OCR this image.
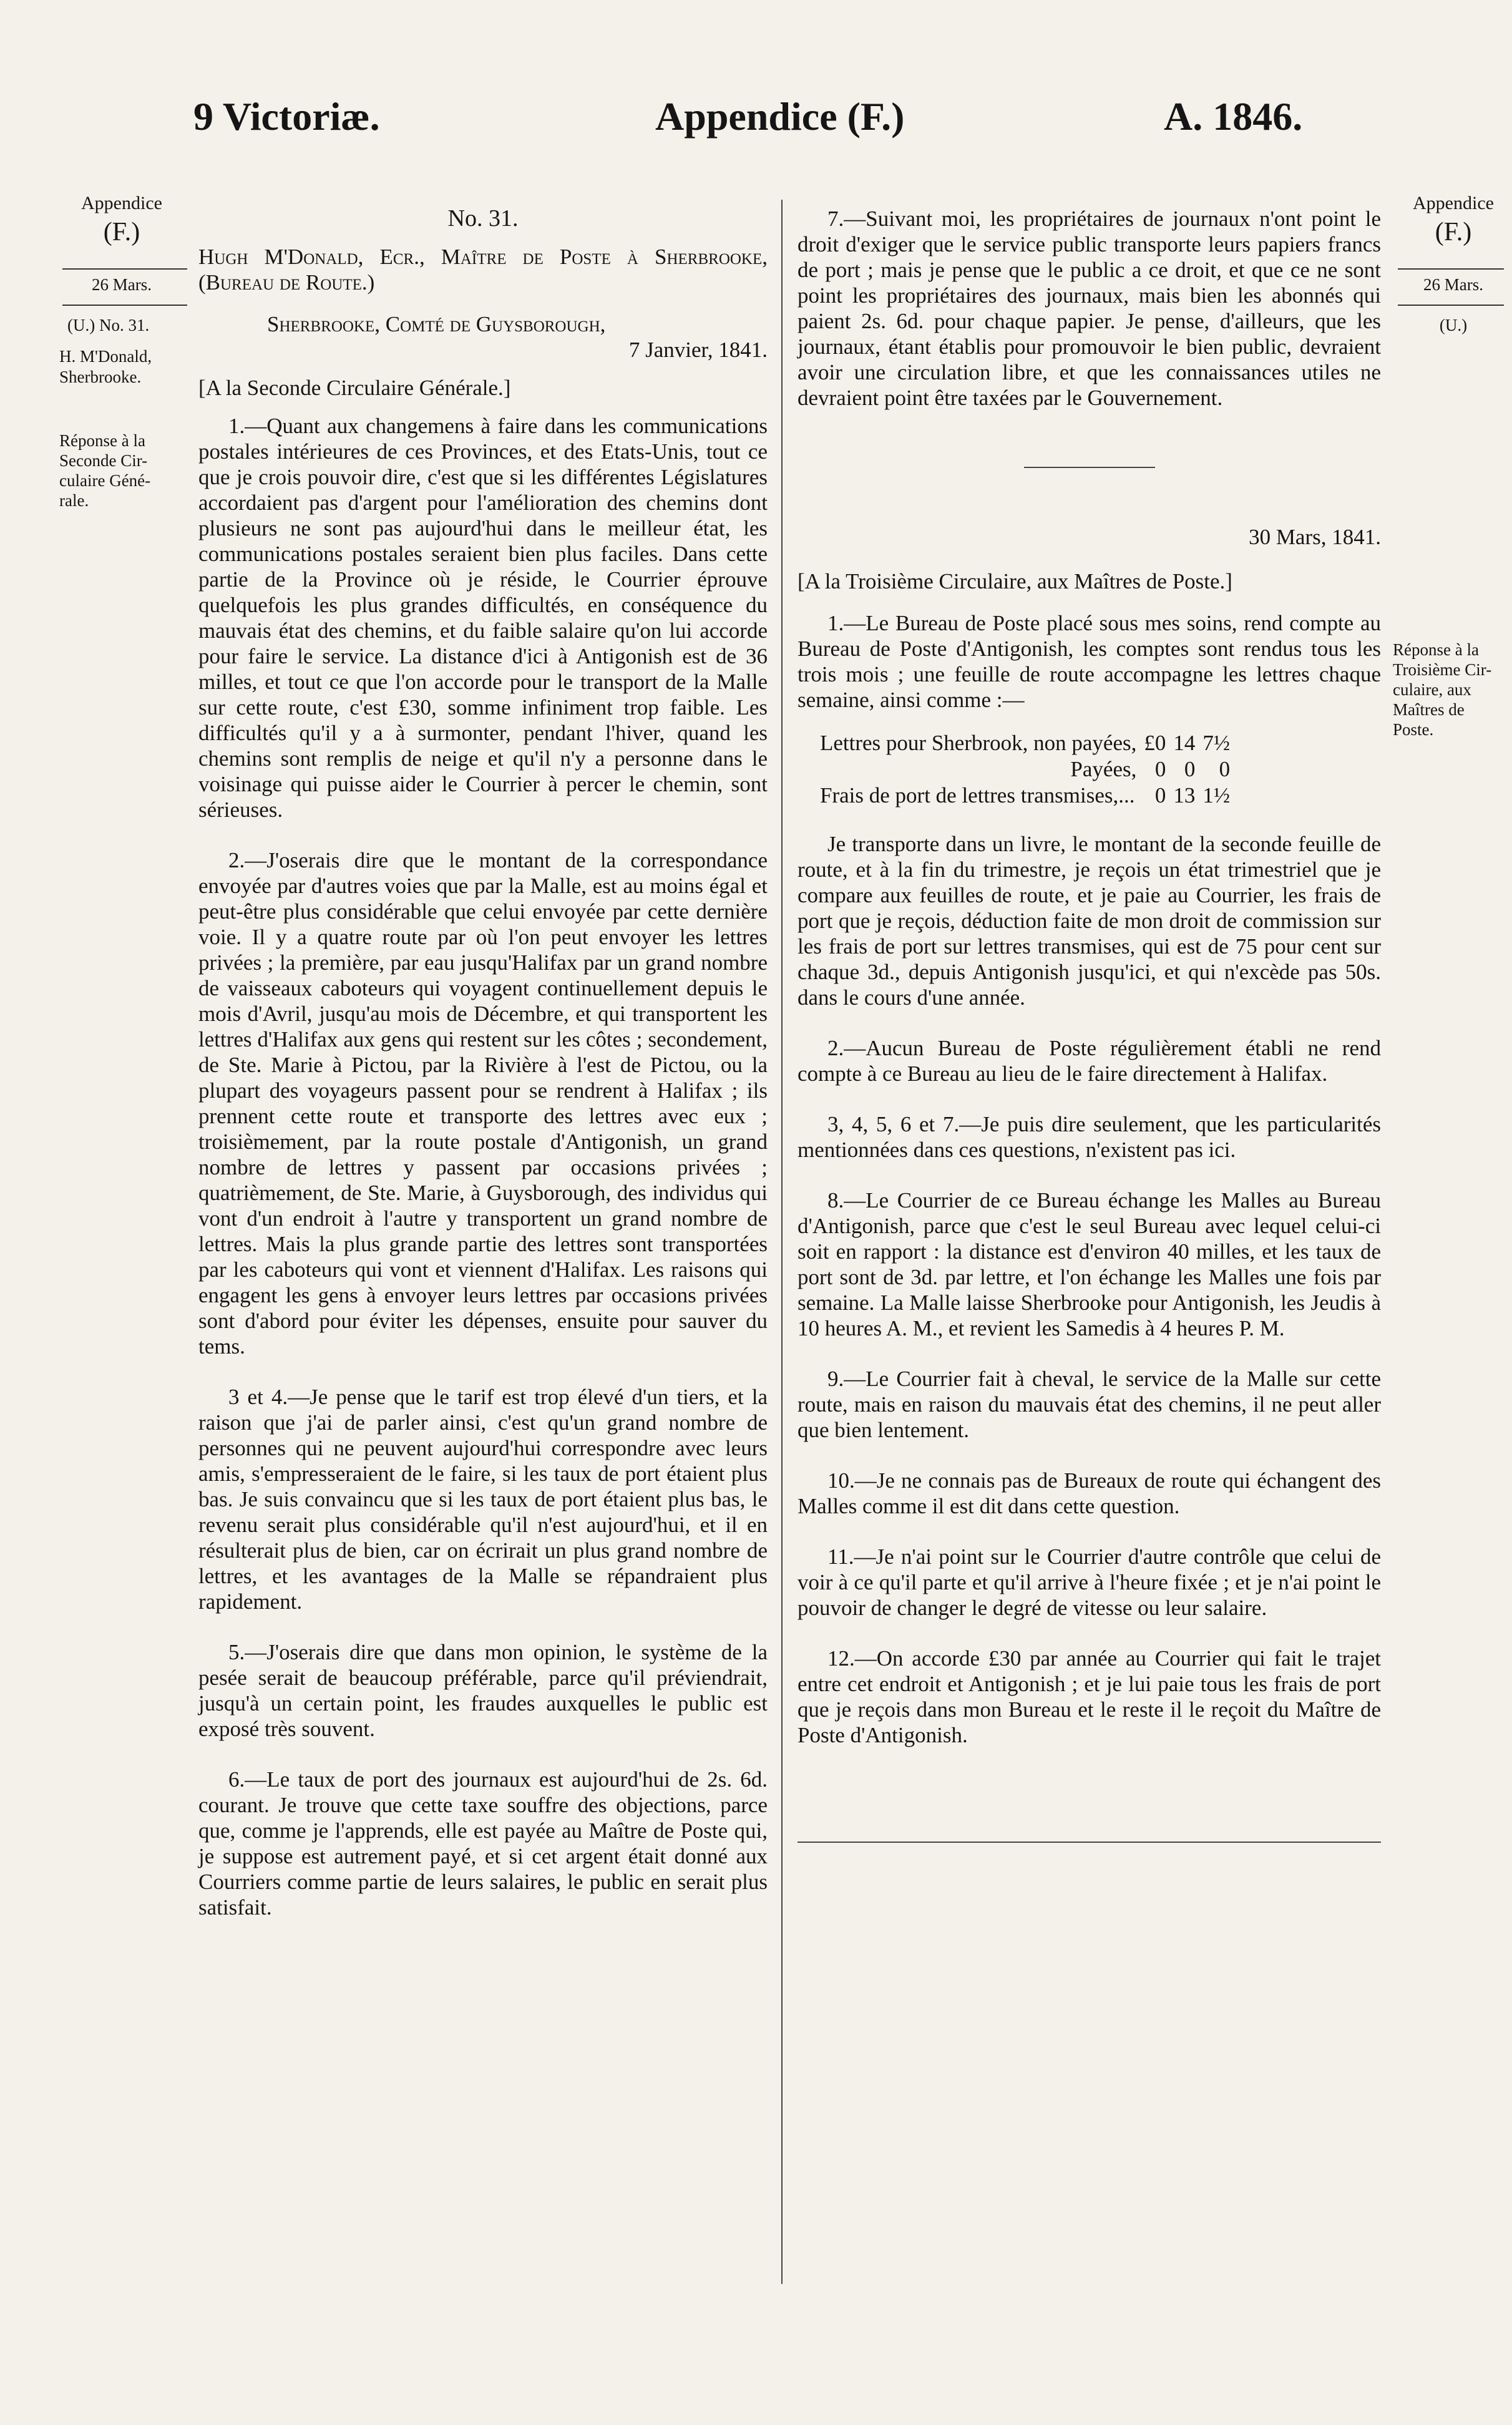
9 Victoriæ.	Appendice (F.)	A. 1846.
Appendice
(F.)
26 Mars.
(U.) No. 31.
H. M'Donald,
Sherbrooke.
Réponse à la
Seconde Cir-
culaire Géné-
rale.
Appendice
(F.)
26 Mars.
(U.)
Réponse à la
Troisième Cir-
culaire, aux
Maîtres de
Poste.
No. 31.

Hugh M'Donald, Ecr., Maître de Poste à Sherbrooke, (Bureau de Route.)

Sherbrooke, Comté de Guysborough,
7 Janvier, 1841.
[A la Seconde Circulaire Générale.]

1.—Quant aux changemens à faire dans les communications postales intérieures de ces Provinces, et des Etats-Unis, tout ce que je crois pouvoir dire, c'est que si les différentes Législatures accordaient pas d'argent pour l'amélioration des chemins dont plusieurs ne sont pas aujourd'hui dans le meilleur état, les communications postales seraient bien plus faciles. Dans cette partie de la Province où je réside, le Courrier éprouve quelquefois les plus grandes difficultés, en conséquence du mauvais état des chemins, et du faible salaire qu'on lui accorde pour faire le service. La distance d'ici à Antigonish est de 36 milles, et tout ce que l'on accorde pour le transport de la Malle sur cette route, c'est £30, somme infiniment trop faible. Les difficultés qu'il y a à surmonter, pendant l'hiver, quand les chemins sont remplis de neige et qu'il n'y a personne dans le voisinage qui puisse aider le Courrier à percer le chemin, sont sérieuses.

2.—J'oserais dire que le montant de la correspondance envoyée par d'autres voies que par la Malle, est au moins égal et peut-être plus considérable que celui envoyée par cette dernière voie. Il y a quatre route par où l'on peut envoyer les lettres privées ; la première, par eau jusqu'Halifax par un grand nombre de vaisseaux caboteurs qui voyagent continuellement depuis le mois d'Avril, jusqu'au mois de Décembre, et qui transportent les lettres d'Halifax aux gens qui restent sur les côtes ; secondement, de Ste. Marie à Pictou, par la Rivière à l'est de Pictou, ou la plupart des voyageurs passent pour se rendrent à Halifax ; ils prennent cette route et transporte des lettres avec eux ; troisièmement, par la route postale d'Antigonish, un grand nombre de lettres y passent par occasions privées ; quatrièmement, de Ste. Marie, à Guysborough, des individus qui vont d'un endroit à l'autre y transportent un grand nombre de lettres. Mais la plus grande partie des lettres sont transportées par les caboteurs qui vont et viennent d'Halifax. Les raisons qui engagent les gens à envoyer leurs lettres par occasions privées sont d'abord pour éviter les dépenses, ensuite pour sauver du tems.

3 et 4.—Je pense que le tarif est trop élevé d'un tiers, et la raison que j'ai de parler ainsi, c'est qu'un grand nombre de personnes qui ne peuvent aujourd'hui correspondre avec leurs amis, s'empresseraient de le faire, si les taux de port étaient plus bas. Je suis convaincu que si les taux de port étaient plus bas, le revenu serait plus considérable qu'il n'est aujourd'hui, et il en résulterait plus de bien, car on écrirait un plus grand nombre de lettres, et les avantages de la Malle se répandraient plus rapidement.

5.—J'oserais dire que dans mon opinion, le système de la pesée serait de beaucoup préférable, parce qu'il préviendrait, jusqu'à un certain point, les fraudes auxquelles le public est exposé très souvent.

6.—Le taux de port des journaux est aujourd'hui de 2s. 6d. courant. Je trouve que cette taxe souffre des objections, parce que, comme je l'apprends, elle est payée au Maître de Poste qui, je suppose est autrement payé, et si cet argent était donné aux Courriers comme partie de leurs salaires, le public en serait plus satisfait.

7.—Suivant moi, les propriétaires de journaux n'ont point le droit d'exiger que le service public transporte leurs papiers francs de port ; mais je pense que le public a ce droit, et que ce ne sont point les propriétaires des journaux, mais bien les abonnés qui paient 2s. 6d. pour chaque papier. Je pense, d'ailleurs, que les journaux, étant établis pour promouvoir le bien public, devraient avoir une circulation libre, et que les connaissances utiles ne devraient point être taxées par le Gouvernement.

30 Mars, 1841.
[A la Troisième Circulaire, aux Maîtres de Poste.]

1.—Le Bureau de Poste placé sous mes soins, rend compte au Bureau de Poste d'Antigonish, les comptes sont rendus tous les trois mois ; une feuille de route accompagne les lettres chaque semaine, ainsi comme :—

Lettres pour Sherbrook, non payées,	£0	14	7½
Payées,	0	0	0
Frais de port de lettres transmises,...	0	13	1½

Je transporte dans un livre, le montant de la seconde feuille de route, et à la fin du trimestre, je reçois un état trimestriel que je compare aux feuilles de route, et je paie au Courrier, les frais de port que je reçois, déduction faite de mon droit de commission sur les frais de port sur lettres transmises, qui est de 75 pour cent sur chaque 3d., depuis Antigonish jusqu'ici, et qui n'excède pas 50s. dans le cours d'une année.

2.—Aucun Bureau de Poste régulièrement établi ne rend compte à ce Bureau au lieu de le faire directement à Halifax.

3, 4, 5, 6 et 7.—Je puis dire seulement, que les particularités mentionnées dans ces questions, n'existent pas ici.

8.—Le Courrier de ce Bureau échange les Malles au Bureau d'Antigonish, parce que c'est le seul Bureau avec lequel celui-ci soit en rapport : la distance est d'environ 40 milles, et les taux de port sont de 3d. par lettre, et l'on échange les Malles une fois par semaine. La Malle laisse Sherbrooke pour Antigonish, les Jeudis à 10 heures A. M., et revient les Samedis à 4 heures P. M.

9.—Le Courrier fait à cheval, le service de la Malle sur cette route, mais en raison du mauvais état des chemins, il ne peut aller que bien lentement.

10.—Je ne connais pas de Bureaux de route qui échangent des Malles comme il est dit dans cette question.

11.—Je n'ai point sur le Courrier d'autre contrôle que celui de voir à ce qu'il parte et qu'il arrive à l'heure fixée ; et je n'ai point le pouvoir de changer le degré de vitesse ou leur salaire.

12.—On accorde £30 par année au Courrier qui fait le trajet entre cet endroit et Antigonish ; et je lui paie tous les frais de port que je reçois dans mon Bureau et le reste il le reçoit du Maître de Poste d'Antigonish.
